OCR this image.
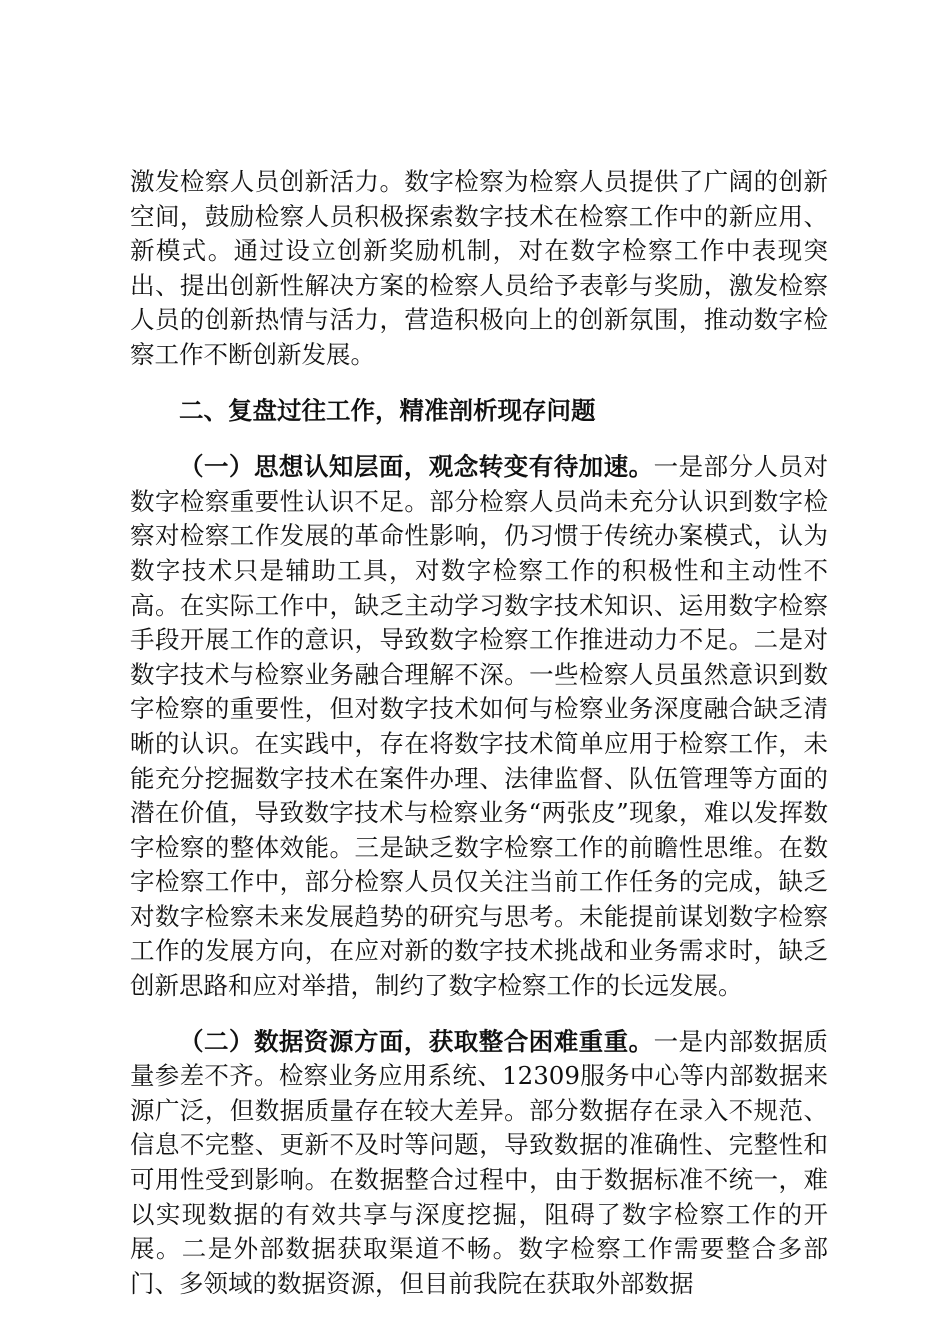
激发检察人员创新活力。数字检察为检察人员提供了广阔的创新空间，鼓励检察人员积极探索数字技术在检察工作中的新应用、新模式。通过设立创新奖励机制，对在数字检察工作中表现突出、提出创新性解决方案的检察人员给予表彰与奖励，激发检察人员的创新热情与活力，营造积极向上的创新氛围，推动数字检察工作不断创新发展。

二、复盘过往工作，精准剖析现存问题

（一）思想认知层面，观念转变有待加速。一是部分人员对数字检察重要性认识不足。部分检察人员尚未充分认识到数字检察对检察工作发展的革命性影响，仍习惯于传统办案模式，认为数字技术只是辅助工具，对数字检察工作的积极性和主动性不高。在实际工作中，缺乏主动学习数字技术知识、运用数字检察手段开展工作的意识，导致数字检察工作推进动力不足。二是对数字技术与检察业务融合理解不深。一些检察人员虽然意识到数字检察的重要性，但对数字技术如何与检察业务深度融合缺乏清晰的认识。在实践中，存在将数字技术简单应用于检察工作，未能充分挖掘数字技术在案件办理、法律监督、队伍管理等方面的潜在价值，导致数字技术与检察业务“两张皮”现象，难以发挥数字检察的整体效能。三是缺乏数字检察工作的前瞻性思维。在数字检察工作中，部分检察人员仅关注当前工作任务的完成，缺乏对数字检察未来发展趋势的研究与思考。未能提前谋划数字检察工作的发展方向，在应对新的数字技术挑战和业务需求时，缺乏创新思路和应对举措，制约了数字检察工作的长远发展。

（二）数据资源方面，获取整合困难重重。一是内部数据质量参差不齐。检察业务应用系统、12309服务中心等内部数据来源广泛，但数据质量存在较大差异。部分数据存在录入不规范、信息不完整、更新不及时等问题，导致数据的准确性、完整性和可用性受到影响。在数据整合过程中，由于数据标准不统一，难以实现数据的有效共享与深度挖掘，阻碍了数字检察工作的开展。二是外部数据获取渠道不畅。数字检察工作需要整合多部门、多领域的数据资源，但目前我院在获取外部数据
